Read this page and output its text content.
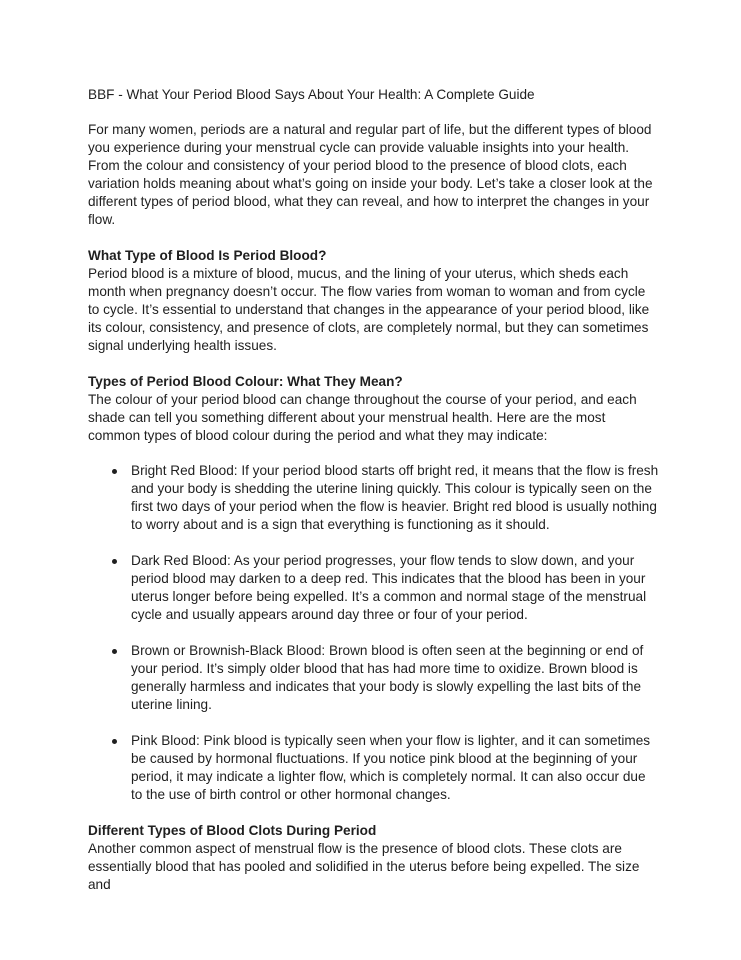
BBF - What Your Period Blood Says About Your Health: A Complete Guide

For many women, periods are a natural and regular part of life, but the different types of blood you experience during your menstrual cycle can provide valuable insights into your health. From the colour and consistency of your period blood to the presence of blood clots, each variation holds meaning about what’s going on inside your body. Let’s take a closer look at the different types of period blood, what they can reveal, and how to interpret the changes in your flow.

What Type of Blood Is Period Blood?

Period blood is a mixture of blood, mucus, and the lining of your uterus, which sheds each month when pregnancy doesn’t occur. The flow varies from woman to woman and from cycle to cycle. It’s essential to understand that changes in the appearance of your period blood, like its colour, consistency, and presence of clots, are completely normal, but they can sometimes signal underlying health issues.

Types of Period Blood Colour: What They Mean?

The colour of your period blood can change throughout the course of your period, and each shade can tell you something different about your menstrual health. Here are the most common types of blood colour during the period and what they may indicate:

Bright Red Blood: If your period blood starts off bright red, it means that the flow is fresh and your body is shedding the uterine lining quickly. This colour is typically seen on the first two days of your period when the flow is heavier. Bright red blood is usually nothing to worry about and is a sign that everything is functioning as it should.
Dark Red Blood: As your period progresses, your flow tends to slow down, and your period blood may darken to a deep red. This indicates that the blood has been in your uterus longer before being expelled. It’s a common and normal stage of the menstrual cycle and usually appears around day three or four of your period.
Brown or Brownish-Black Blood: Brown blood is often seen at the beginning or end of your period. It’s simply older blood that has had more time to oxidize. Brown blood is generally harmless and indicates that your body is slowly expelling the last bits of the uterine lining.
Pink Blood: Pink blood is typically seen when your flow is lighter, and it can sometimes be caused by hormonal fluctuations. If you notice pink blood at the beginning of your period, it may indicate a lighter flow, which is completely normal. It can also occur due to the use of birth control or other hormonal changes.

Different Types of Blood Clots During Period

Another common aspect of menstrual flow is the presence of blood clots. These clots are essentially blood that has pooled and solidified in the uterus before being expelled. The size and
